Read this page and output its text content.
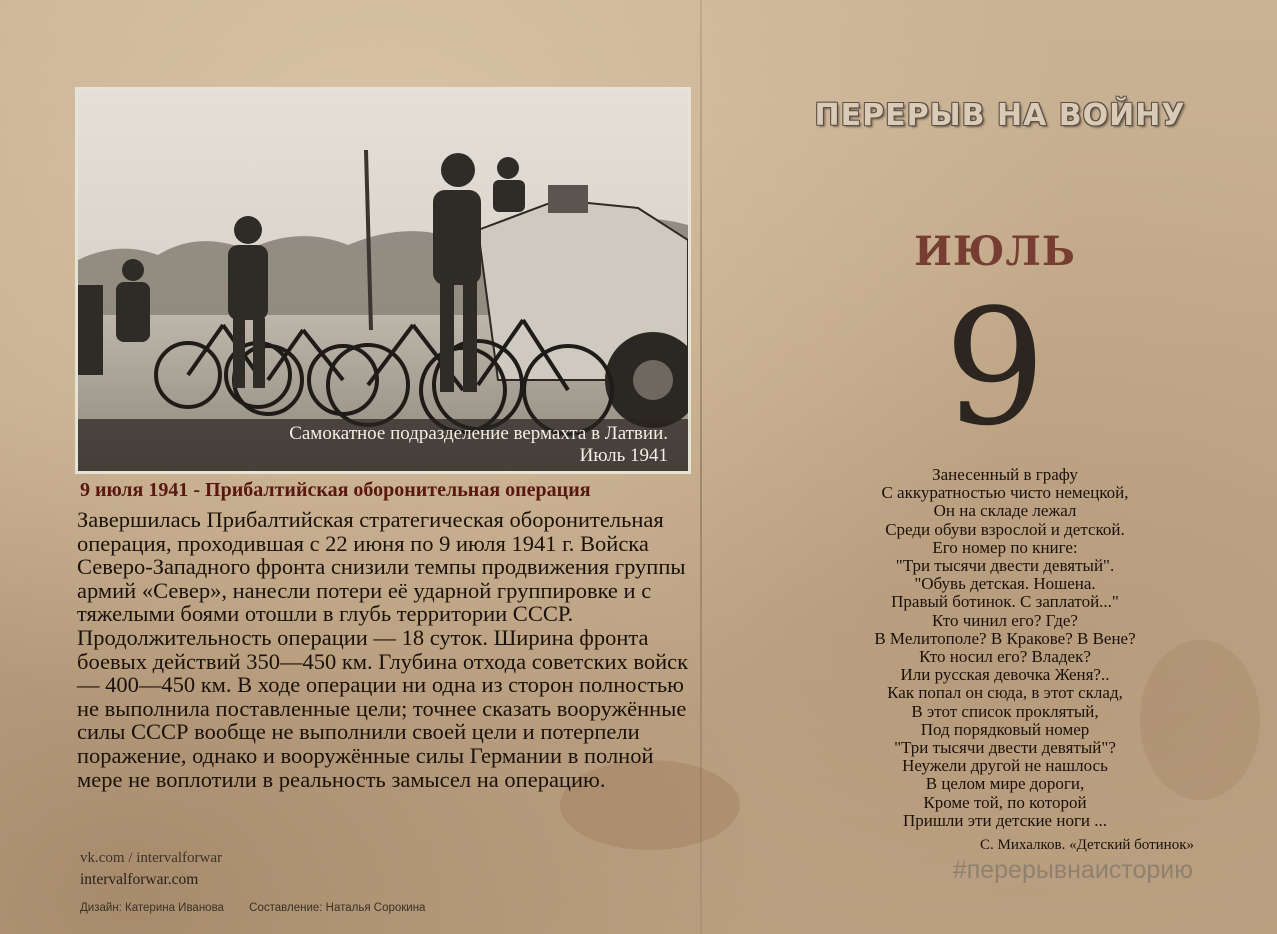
Самокатное подразделение вермахта в Латвии.
Июль 1941
9 июля 1941 - Прибалтийская оборонительная операция
Завершилась Прибалтийская стратегическая оборонительная операция, проходившая с 22 июня по 9 июля 1941 г. Войска Северо-Западного фронта снизили темпы продвижения группы армий «Север», нанесли потери её ударной группировке и с тяжелыми боями отошли в глубь территории СССР. Продолжительность операции — 18 суток. Ширина фронта боевых действий 350—450 км. Глубина отхода советских войск — 400—450 км. В ходе операции ни одна из сторон полностью не выполнила поставленные цели; точнее сказать вооружённые силы СССР вообще не выполнили своей цели и потерпели поражение, однако и вооружённые силы Германии в полной мере не воплотили в реальность замысел на операцию.
vk.com / intervalforwar
intervalforwar.com
Дизайн: Катерина Иванова Составление: Наталья Сорокина
ПЕРЕРЫВ НА ВОЙНУ
ИЮЛЬ
9
Занесенный в графу
С аккуратностью чисто немецкой,
Он на складе лежал
Среди обуви взрослой и детской.
Его номер по книге:
"Три тысячи двести девятый".
"Обувь детская. Ношена.
Правый ботинок. С заплатой..."
Кто чинил его? Где?
В Мелитополе? В Кракове? В Вене?
Кто носил его? Владек?
Или русская девочка Женя?..
Как попал он сюда, в этот склад,
В этот список проклятый,
Под порядковый номер
"Три тысячи двести девятый"?
Неужели другой не нашлось
В целом мире дороги,
Кроме той, по которой
Пришли эти детские ноги ...
С. Михалков. «Детский ботинок»
#перерывнаисторию
